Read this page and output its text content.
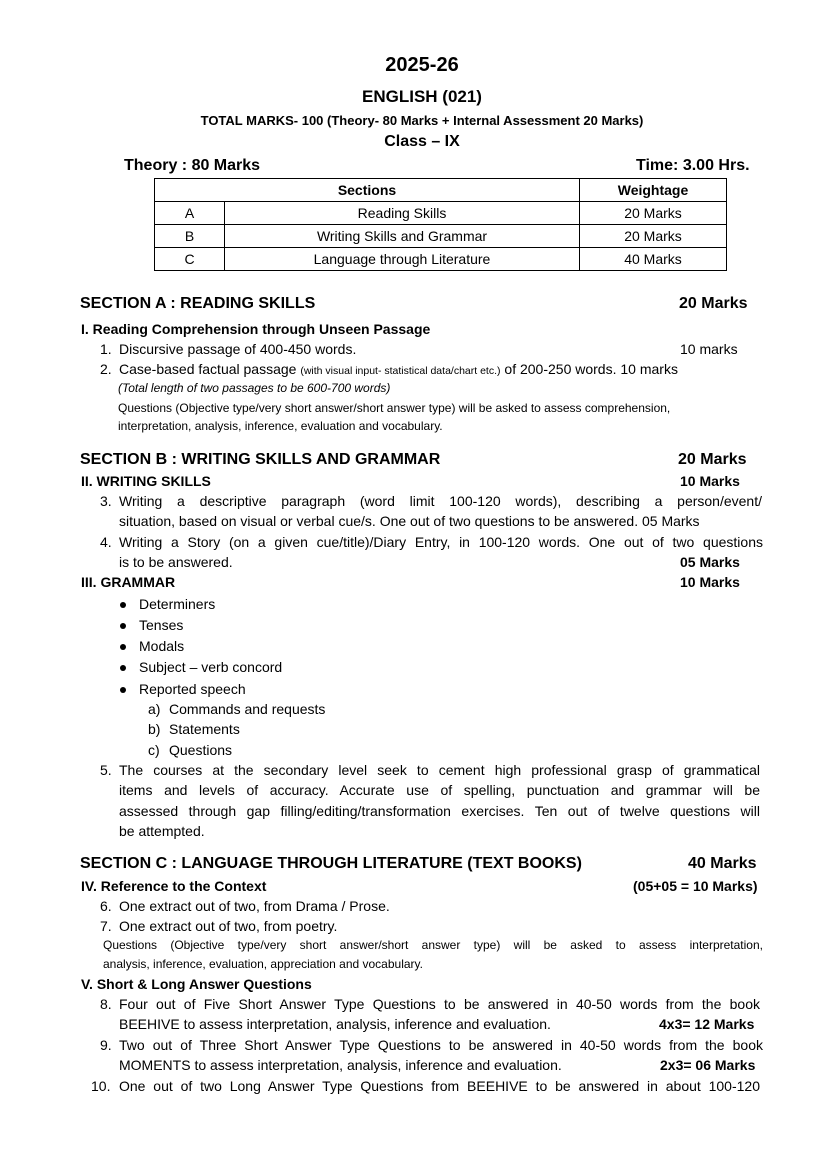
2025-26
ENGLISH (021)
TOTAL MARKS- 100 (Theory- 80 Marks + Internal Assessment 20 Marks)
Class – IX
Theory : 80 Marks	Time: 3.00 Hrs.
Sections		Weightage
A	Reading Skills	20 Marks
B	Writing Skills and Grammar	20 Marks
C	Language through Literature	40 Marks
SECTION A : READING SKILLS	20 Marks
I. Reading Comprehension through Unseen Passage
1. Discursive passage of 400-450 words.	10 marks
2. Case-based factual passage (with visual input- statistical data/chart etc.) of 200-250 words. 10 marks
(Total length of two passages to be 600-700 words)
Questions (Objective type/very short answer/short answer type) will be asked to assess comprehension,
interpretation, analysis, inference, evaluation and vocabulary.
SECTION B : WRITING SKILLS AND GRAMMAR	20 Marks
II. WRITING SKILLS	10 Marks
3. Writing a descriptive paragraph (word limit 100-120 words), describing a person/event/
situation, based on visual or verbal cue/s. One out of two questions to be answered. 05 Marks
4. Writing a Story (on a given cue/title)/Diary Entry, in 100-120 words. One out of two questions
is to be answered.	05 Marks
III. GRAMMAR	10 Marks
Determiners
Tenses
Modals
Subject – verb concord
Reported speech
a) Commands and requests
b) Statements
c) Questions
5. The courses at the secondary level seek to cement high professional grasp of grammatical
items and levels of accuracy. Accurate use of spelling, punctuation and grammar will be
assessed through gap filling/editing/transformation exercises. Ten out of twelve questions will
be attempted.
SECTION C : LANGUAGE THROUGH LITERATURE (TEXT BOOKS)	40 Marks
IV. Reference to the Context	(05+05 = 10 Marks)
6. One extract out of two, from Drama / Prose.
7. One extract out of two, from poetry.
Questions (Objective type/very short answer/short answer type) will be asked to assess interpretation,
analysis, inference, evaluation, appreciation and vocabulary.
V. Short & Long Answer Questions
8. Four out of Five Short Answer Type Questions to be answered in 40-50 words from the book
BEEHIVE to assess interpretation, analysis, inference and evaluation.	4x3= 12 Marks
9. Two out of Three Short Answer Type Questions to be answered in 40-50 words from the book
MOMENTS to assess interpretation, analysis, inference and evaluation.	2x3= 06 Marks
10. One out of two Long Answer Type Questions from BEEHIVE to be answered in about 100-120
